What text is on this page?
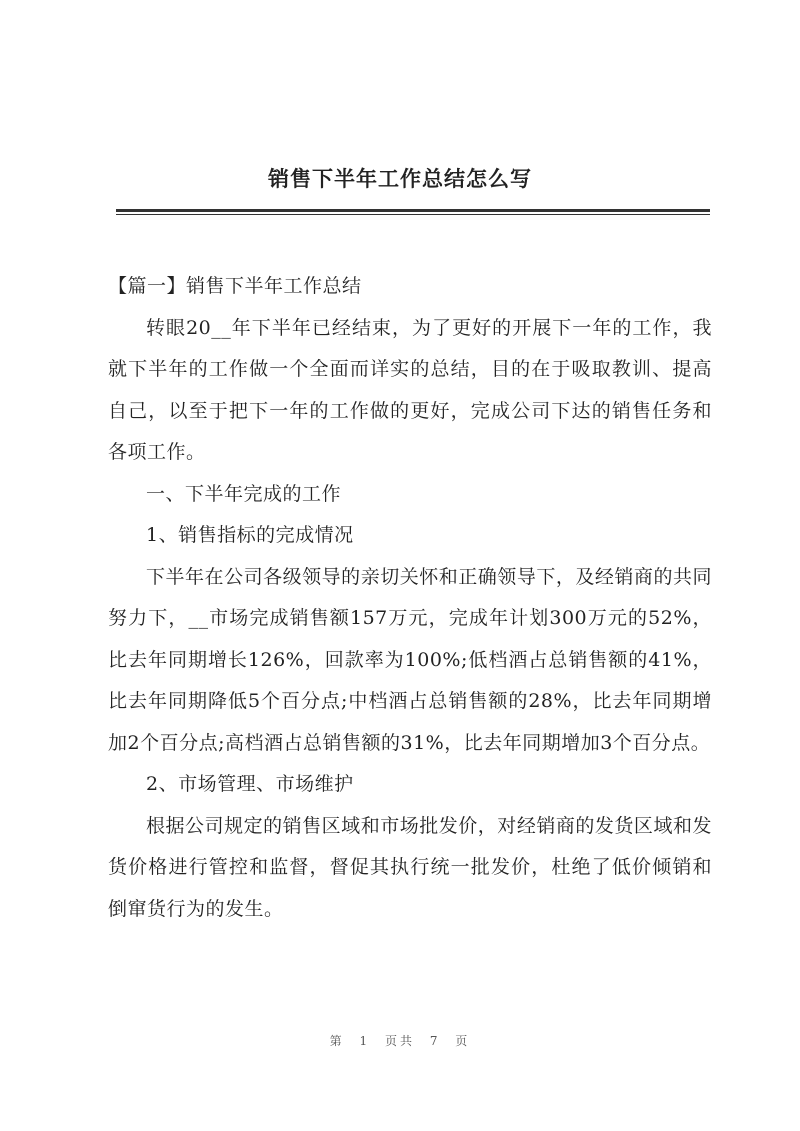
销售下半年工作总结怎么写

【篇一】销售下半年工作总结

转眼20__年下半年已经结束，为了更好的开展下一年的工作，我就下半年的工作做一个全面而详实的总结，目的在于吸取教训、提高自己，以至于把下一年的工作做的更好，完成公司下达的销售任务和各项工作。

一、下半年完成的工作

1、销售指标的完成情况

下半年在公司各级领导的亲切关怀和正确领导下，及经销商的共同努力下，__市场完成销售额157万元，完成年计划300万元的52%，比去年同期增长126%，回款率为100%;低档酒占总销售额的41%，比去年同期降低5个百分点;中档酒占总销售额的28%，比去年同期增加2个百分点;高档酒占总销售额的31%，比去年同期增加3个百分点。

2、市场管理、市场维护

根据公司规定的销售区域和市场批发价，对经销商的发货区域和发货价格进行管控和监督，督促其执行统一批发价，杜绝了低价倾销和倒窜货行为的发生。

第 1 页共 7 页
